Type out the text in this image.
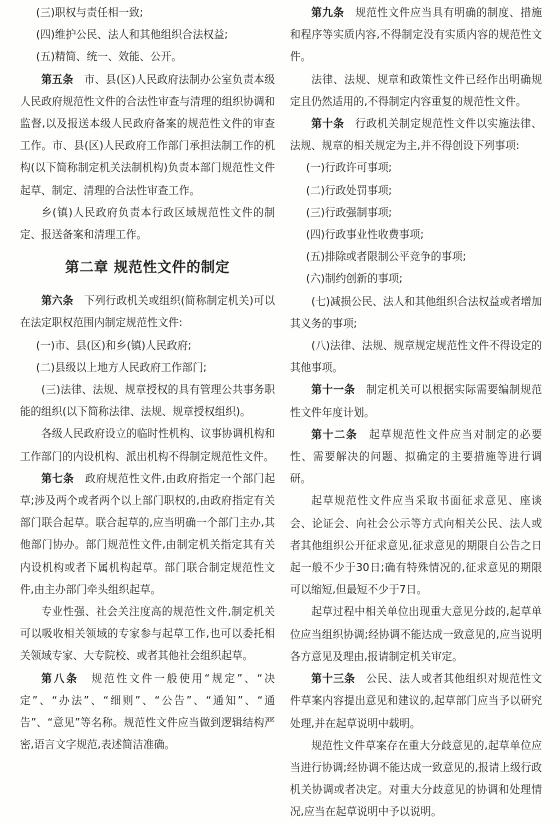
(三)职权与责任相一致;

(四)维护公民、法人和其他组织合法权益;

(五)精简、统一、效能、公开。

第五条　 市、县(区)人民政府法制办公室负责本级人民政府规范性文件的合法性审查与清理的组织协调和监督,以及报送本级人民政府备案的规范性文件的审查工作。市、县(区)人民政府工作部门承担法制工作的机构(以下简称制定机关法制机构)负责本部门规范性文件起草、制定、清理的合法性审查工作。

乡(镇)人民政府负责本行政区域规范性文件的制定、报送备案和清理工作。

第二章 规范性文件的制定

第六条　 下列行政机关或组织(简称制定机关)可以在法定职权范围内制定规范性文件:

(一)市、县(区)和乡(镇)人民政府;

(二)县级以上地方人民政府工作部门;

(三)法律、法规、规章授权的具有管理公共事务职能的组织(以下简称法律、法规、规章授权组织)。

各级人民政府设立的临时性机构、议事协调机构和工作部门的内设机构、派出机构不得制定规范性文件。

第七条　 政府规范性文件,由政府指定一个部门起草;涉及两个或者两个以上部门职权的,由政府指定有关部门联合起草。联合起草的,应当明确一个部门主办,其他部门协办。部门规范性文件,由制定机关指定其有关内设机构或者下属机构起草。部门联合制定规范性文件,由主办部门牵头组织起草。

专业性强、社会关注度高的规范性文件,制定机关可以吸收相关领域的专家参与起草工作,也可以委托相关领域专家、大专院校、或者其他社会组织起草。

第八条　 规范性文件一般使用“规定”、“决定”、“办法”、“细则”、“公告”、“通知”、“通告”、“意见”等名称。规范性文件应当做到逻辑结构严密,语言文字规范,表述简洁准确。

第九条　 规范性文件应当具有明确的制度、措施和程序等实质内容,不得制定没有实质内容的规范性文件。

法律、法规、规章和政策性文件已经作出明确规定且仍然适用的,不得制定内容重复的规范性文件。

第十条　 行政机关制定规范性文件以实施法律、法规、规章的相关规定为主,并不得创设下列事项:

(一)行政许可事项;

(二)行政处罚事项;

(三)行政强制事项;

(四)行政事业性收费事项;

(五)排除或者限制公平竞争的事项;

(六)制约创新的事项;

(七)减损公民、法人和其他组织合法权益或者增加其义务的事项;

(八)法律、法规、规章规定规范性文件不得设定的其他事项。

第十一条　 制定机关可以根据实际需要编制规范性文件年度计划。

第十二条　 起草规范性文件应当对制定的必要性、需要解决的问题、拟确定的主要措施等进行调研。

起草规范性文件应当采取书面征求意见、座谈会、论证会、向社会公示等方式向相关公民、法人或者其他组织公开征求意见,征求意见的期限自公告之日起一般不少于30日;确有特殊情况的,征求意见的期限可以缩短,但最短不少于7日。

起草过程中相关单位出现重大意见分歧的,起草单位应当组织协调;经协调不能达成一致意见的,应当说明各方意见及理由,报请制定机关审定。

第十三条　 公民、法人或者其他组织对规范性文件草案内容提出意见和建议的,起草部门应当予以研究处理,并在起草说明中载明。

规范性文件草案存在重大分歧意见的,起草单位应当进行协调;经协调不能达成一致意见的,报请上级行政机关协调或者决定。对重大分歧意见的协调和处理情况,应当在起草说明中予以说明。
